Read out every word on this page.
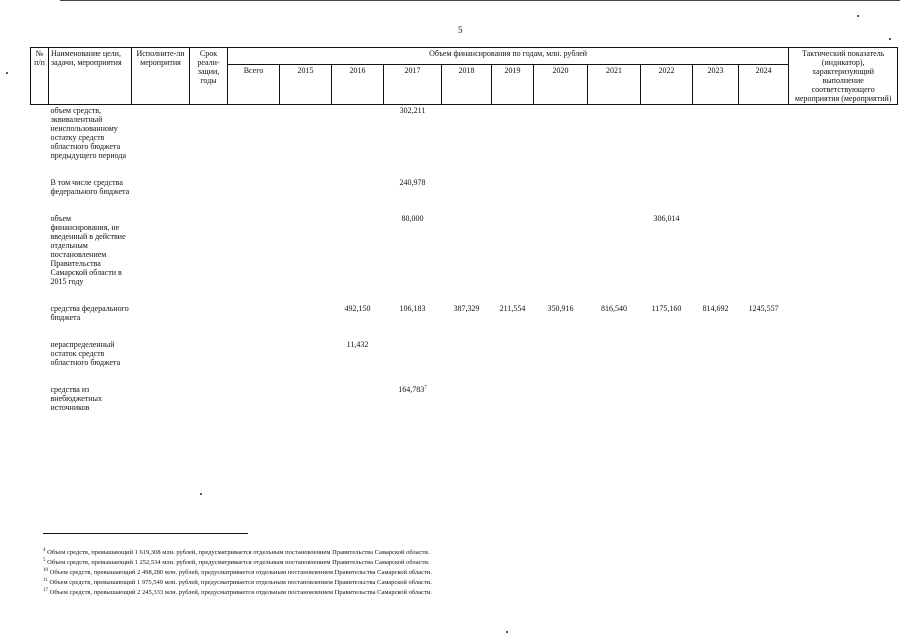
5
№ п/п	Наименование цели, задачи, мероприятия	Исполните-ли меропрития	Срок реали-зации, годы	Объем финансирования по годам, млн. рублей											Тактический показатель (индикатор), характеризующий выполнение соответствующего мероприятия (мероприятий)
				Всего	2015	2016	2017	2018	2019	2020	2021	2022	2023	2024	
	объем средств, эквивалентный неиспользованному остатку средств областного бюджета предыдущего периода						302,211								

	В том числе средства федерального бюджета						240,978								

	объем финансирования, не введенный в действие отдельным постановлением Правительства Самарской области в 2015 году						80,000					306,014			

	средства федерального бюджета					492,150	106,183	387,329	211,554	350,916	816,540	1175,160	814,692	1245,557	

	нераспределенный остаток средств областного бюджета					11,432									

	средства из внебюджетных источников						164,783$^7$								

$^4$ Объем средств, превышающий 1 619,308 млн. рублей, предусматривается отдельным постановлением Правительства Самарской области.
$^5$ Объем средств, превышающий 1 252,534 млн. рублей, предусматривается отдельным постановлением Правительства Самарской области.
$^{10}$ Объем средств, превышающий 2 498,280 млн. рублей, предусматривается отдельным постановлением Правительства Самарской области.
$^{11}$ Объем средств, превышающий 1 975,549 млн. рублей, предусматривается отдельным постановлением Правительства Самарской области.
$^{17}$ Объем средств, превышающий 2 245,333 млн. рублей, предусматривается отдельным постановлением Правительства Самарской области.
